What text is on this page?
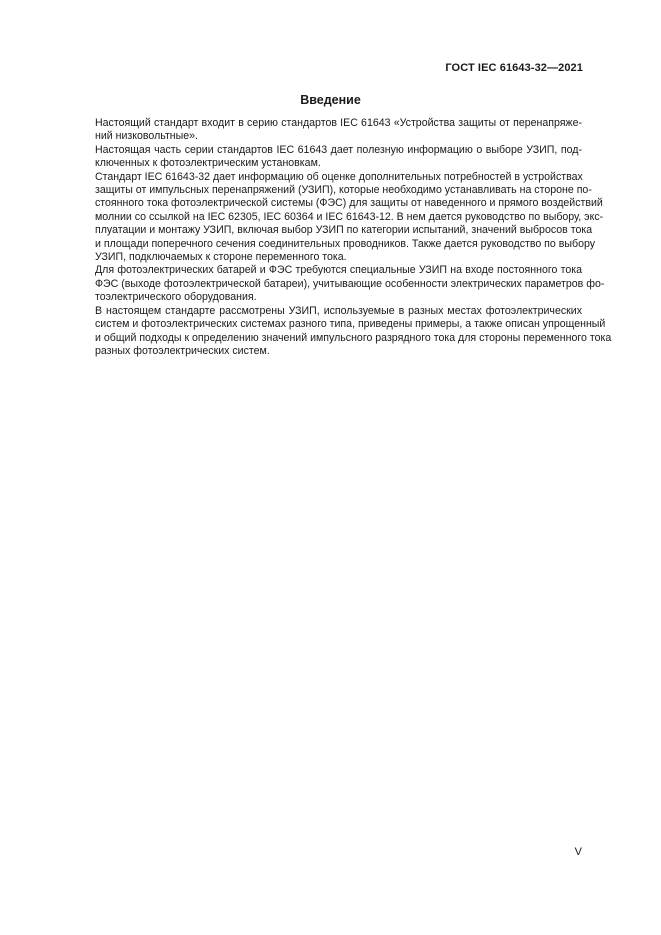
ГОСТ IEC 61643-32—2021
Введение

Настоящий стандарт входит в серию стандартов IEC 61643 «Устройства защиты от перенапряже-
ний низковольтные».

Настоящая часть серии стандартов IEC 61643 дает полезную информацию о выборе УЗИП, под-
ключенных к фотоэлектрическим установкам.

Стандарт IEC 61643-32 дает информацию об оценке дополнительных потребностей в устройствах
защиты от импульсных перенапряжений (УЗИП), которые необходимо устанавливать на стороне по-
стоянного тока фотоэлектрической системы (ФЭС) для защиты от наведенного и прямого воздействий
молнии со ссылкой на IEC 62305, IEC 60364 и IEC 61643-12. В нем дается руководство по выбору, экс-
плуатации и монтажу УЗИП, включая выбор УЗИП по категории испытаний, значений выбросов тока
и площади поперечного сечения соединительных проводников. Также дается руководство по выбору
УЗИП, подключаемых к стороне переменного тока.

Для фотоэлектрических батарей и ФЭС требуются специальные УЗИП на входе постоянного тока
ФЭС (выходе фотоэлектрической батареи), учитывающие особенности электрических параметров фо-
тоэлектрического оборудования.

В настоящем стандарте рассмотрены УЗИП, используемые в разных местах фотоэлектрических
систем и фотоэлектрических системах разного типа, приведены примеры, а также описан упрощенный
и общий подходы к определению значений импульсного разрядного тока для стороны переменного тока
разных фотоэлектрических систем.

V
